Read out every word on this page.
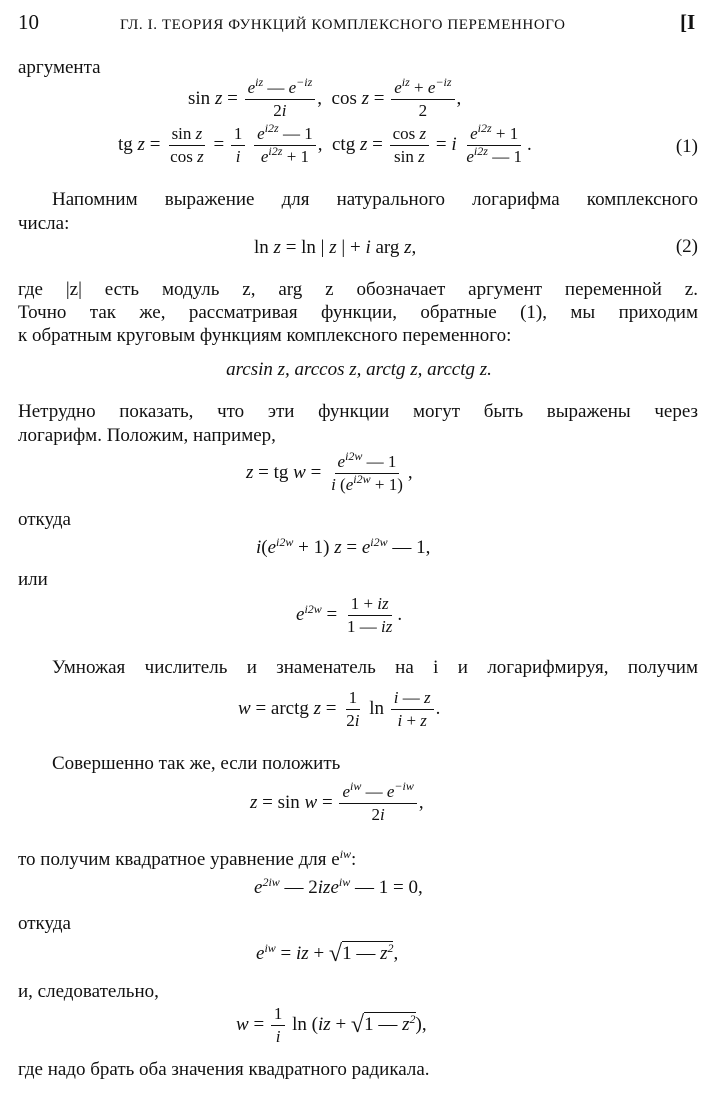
10	ГЛ. I. ТЕОРИЯ ФУНКЦИЙ КОМПЛЕКСНОГО ПЕРЕМЕННОГО	[I
аргумента
$\sin z = \frac{e^{iz} — e^{-iz}}{2i}$ ,  $\cos z = \frac{e^{iz} + e^{-iz}}{2}$ ,
tg $z = \frac{\text{sin z}}{\text{cos z}} = \frac{1}{i}$
$\frac{e^{i2z} — 1}{e^{i2z} + 1}$ ,  ctg $z = \frac{\text{cos z}}{\text{sin z}} = i \frac{e^{i2z} + 1}{e^{i2z} — 1}$ .	(1)
Напомним выражение для натурального логарифма комплексного
числа:
ln z = ln | z | + i arg z,	(2)
где |z| есть модуль z, arg z обозначает аргумент переменной z.
Точно так же, рассматривая функции, обратные (1), мы приходим
к обратным круговым функциям комплексного переменного:
arcsin z, arccos z, arctg z, arcctg z.
Нетрудно показать, что эти функции могут быть выражены через
логарифм. Положим, например,
z = tg $w = \frac{e^{i2w} — 1}{i (e^{i2w} + 1)}$ ,
откуда
$i(e^{i2w} + 1) z = e^{i2w}$ — 1,
или
$e^{i2w} = \frac{1 + iz}{1 — iz}$ .
Умножая числитель и знаменатель на i и логарифмируя, получим
w = arctg $z = \frac{1}{2i}$ $\ln \frac{i — z}{i + z}$ .
Совершенно так же, если положить
$z = \sin w = \frac{e^{iw} — e^{-iw}}{2i}$ ,
то получим квадратное уравнение для $e^{iw}$:
$e^{2iw}$ — 2ize$^{iw}$ — 1 = 0,
откуда
$e^{iw}$ = iz + √1 — $z^2$,
и, следовательно,
$w = \frac{1}{i}$ ln (iz + √1 — $z^2$),
где надо брать оба значения квадратного радикала.
